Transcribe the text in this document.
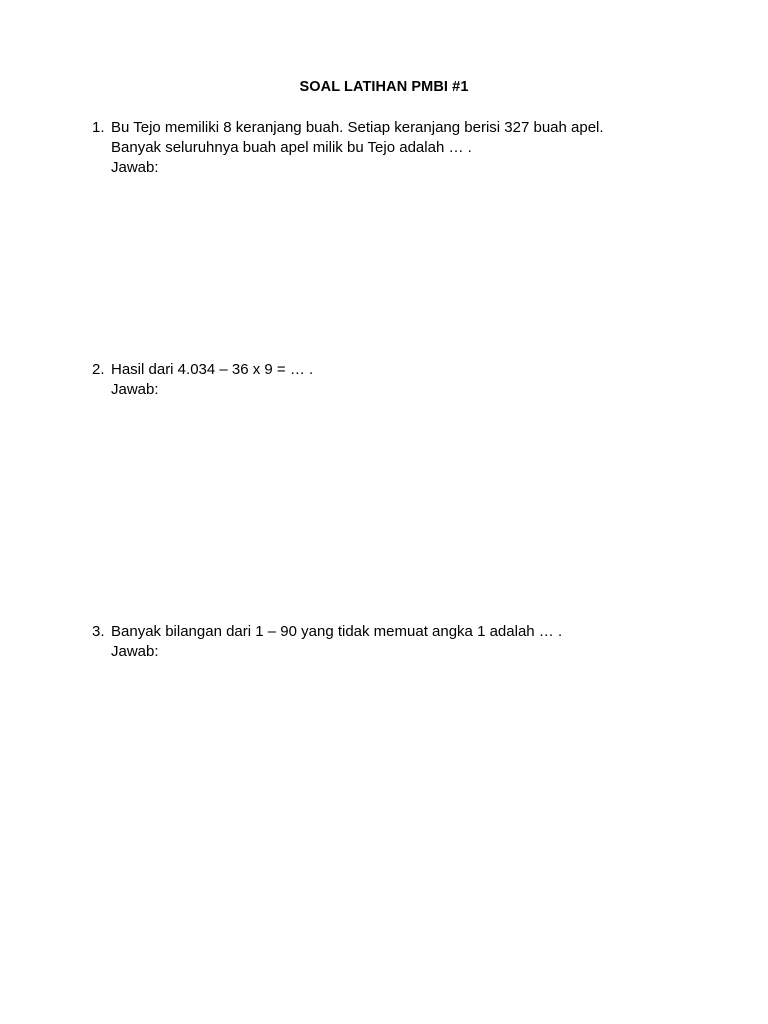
SOAL LATIHAN PMBI #1
1. Bu Tejo memiliki 8 keranjang buah. Setiap keranjang berisi 327 buah apel.
Banyak seluruhnya buah apel milik bu Tejo adalah … .
Jawab:
2. Hasil dari 4.034 – 36 x 9 = … .
Jawab:
3. Banyak bilangan dari 1 – 90 yang tidak memuat angka 1 adalah … .
Jawab:
